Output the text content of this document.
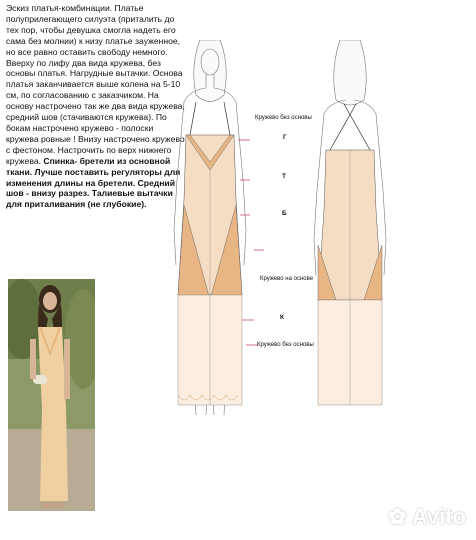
Эскиз платья-комбинации. Платье полуприлегающего силуэта (приталить до тех пор, чтобы девушка смогла надеть его сама без молнии) к низу платье зауженное, но все равно оставить свободу немного. Вверху по лифу два вида кружева, без основы платья. Нагрудные вытачки. Основа платья заканчивается выше колена на 5-10 см, по согласованию с заказчиком. На основу настрочено так же два вида кружева, средний шов (стачиваются кружева). По бокам настрочено кружево - полоски кружева ровные ! Внизу настрочено кружево с фестоном. Настрочить по верх нижнего кружева. Спинка- бретели из основной ткани. Лучше поставить регуляторы для изменения длины на бретели. Средний шов - внизу разрез. Талиевые вытачки для приталивания (не глубокие).

Кружево без основы
Г
Т
Б
Кружево на основе
К
Кружево без основы
✿ Avito
